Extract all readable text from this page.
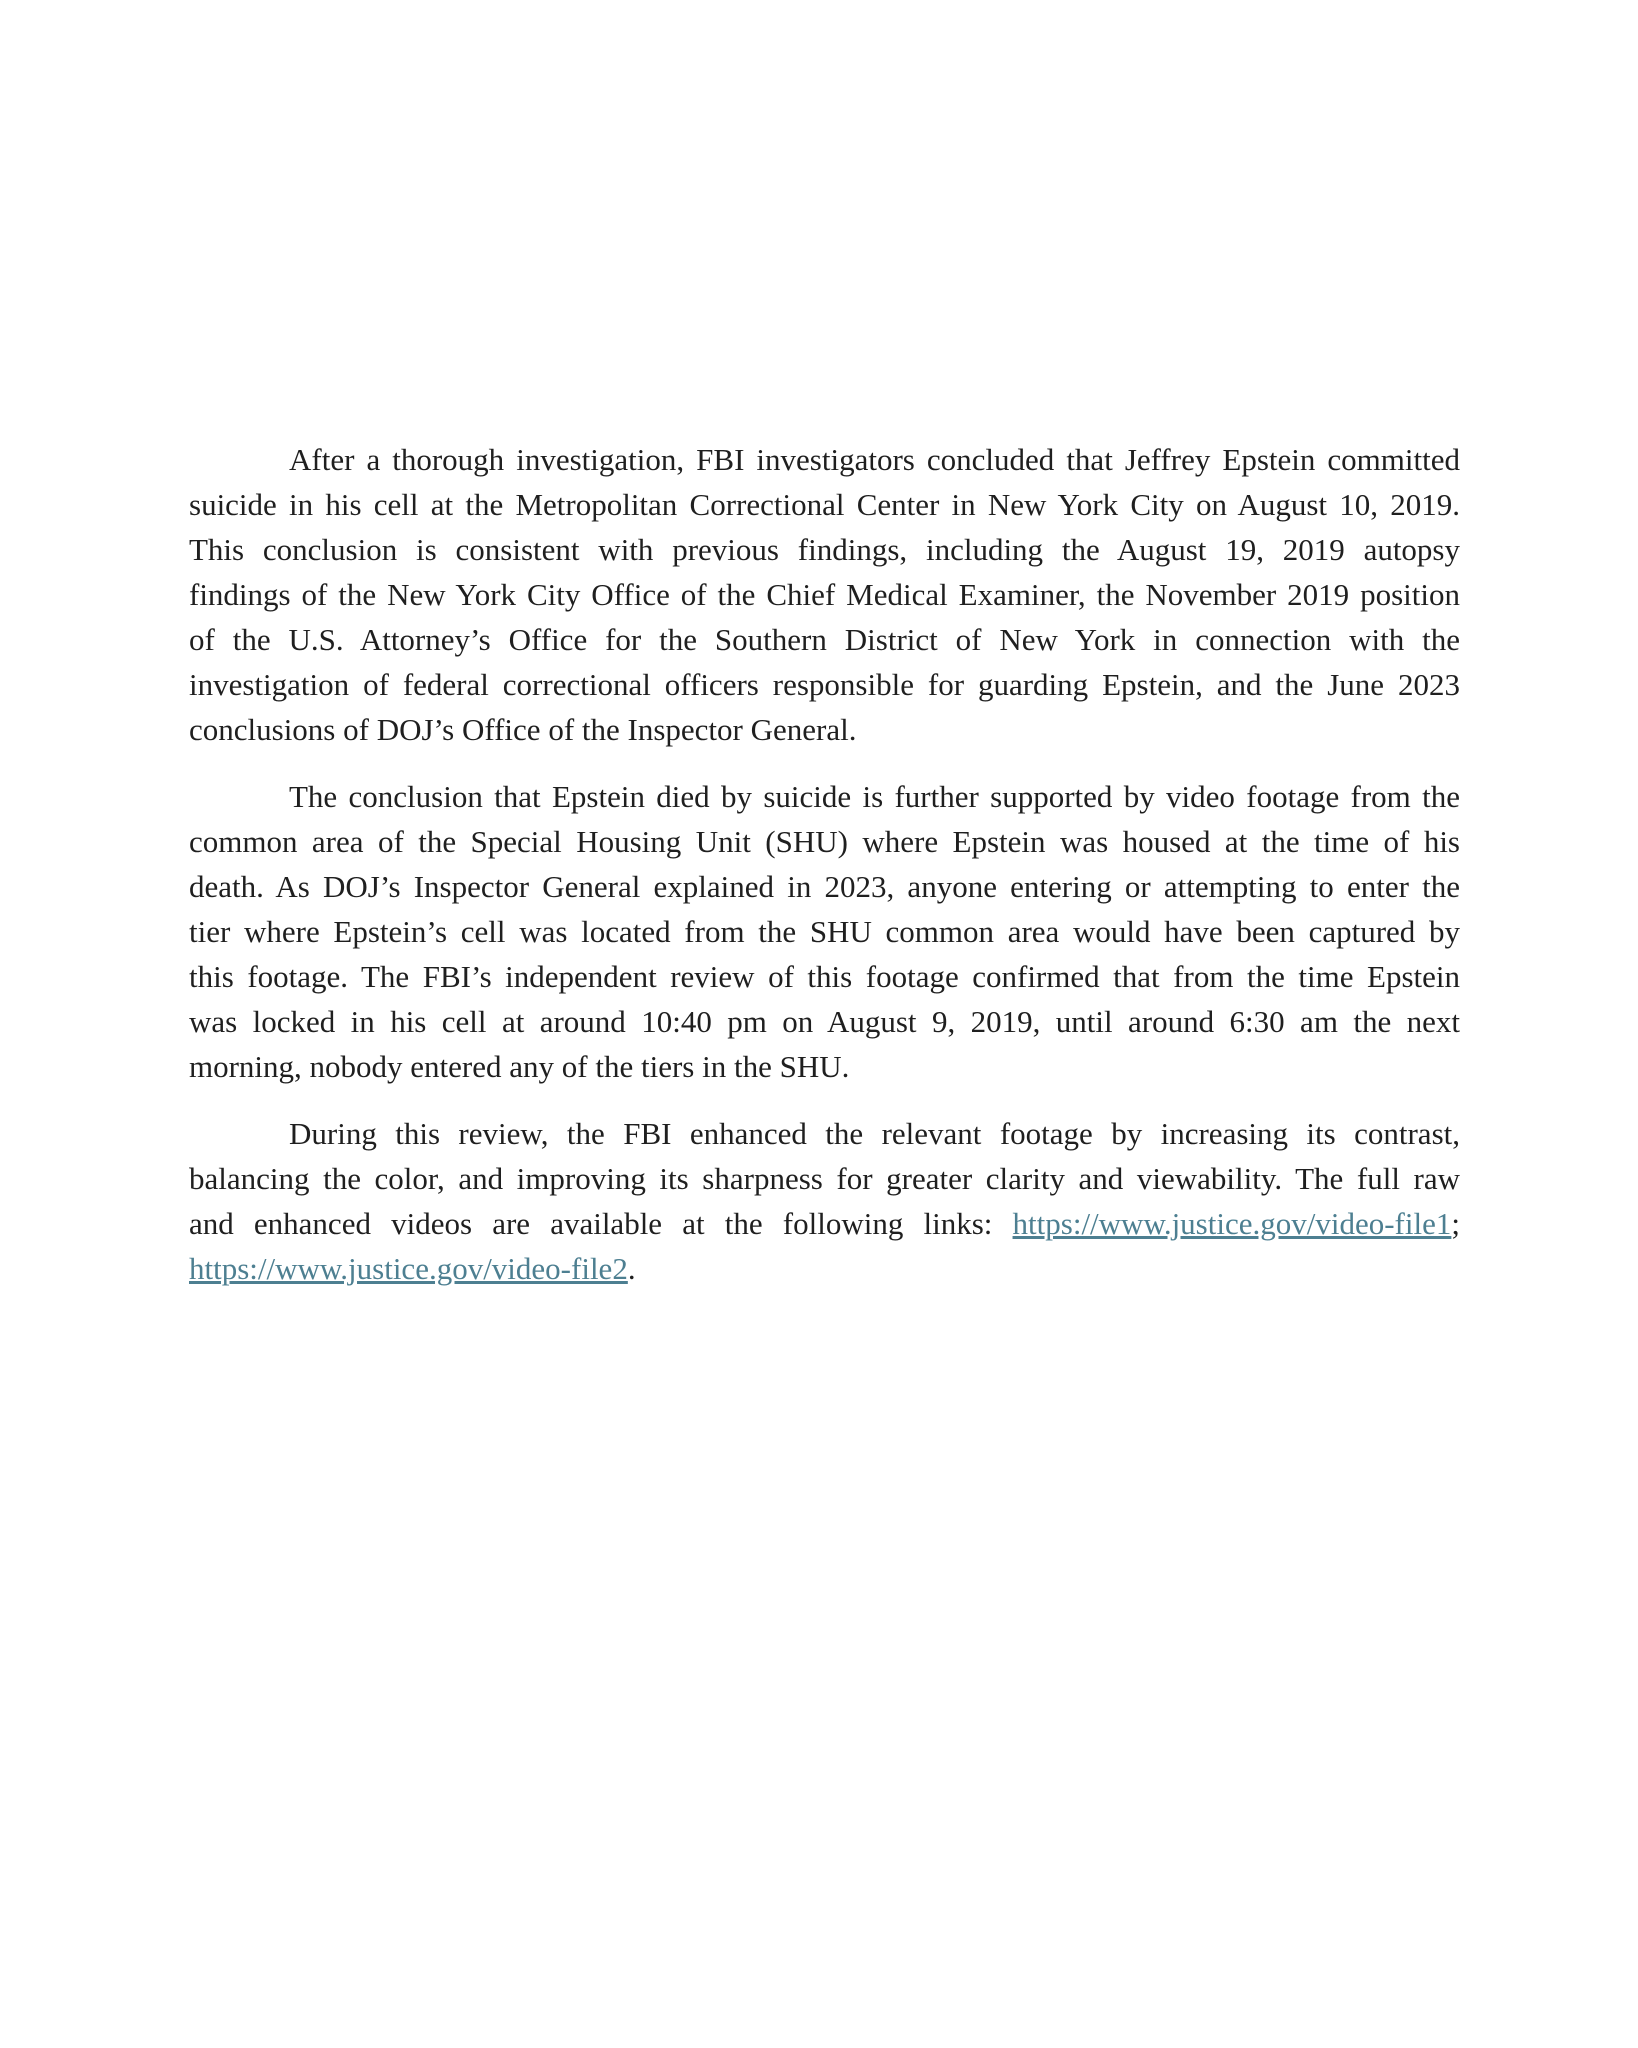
After a thorough investigation, FBI investigators concluded that Jeffrey Epstein committed
suicide in his cell at the Metropolitan Correctional Center in New York City on August 10, 2019.
This conclusion is consistent with previous findings, including the August 19, 2019 autopsy
findings of the New York City Office of the Chief Medical Examiner, the November 2019 position
of the U.S. Attorney’s Office for the Southern District of New York in connection with the
investigation of federal correctional officers responsible for guarding Epstein, and the June 2023
conclusions of DOJ’s Office of the Inspector General.
The conclusion that Epstein died by suicide is further supported by video footage from the
common area of the Special Housing Unit (SHU) where Epstein was housed at the time of his
death. As DOJ’s Inspector General explained in 2023, anyone entering or attempting to enter the
tier where Epstein’s cell was located from the SHU common area would have been captured by
this footage. The FBI’s independent review of this footage confirmed that from the time Epstein
was locked in his cell at around 10:40 pm on August 9, 2019, until around 6:30 am the next
morning, nobody entered any of the tiers in the SHU.
During this review, the FBI enhanced the relevant footage by increasing its contrast,
balancing the color, and improving its sharpness for greater clarity and viewability. The full raw
and enhanced videos are available at the following links: https://www.justice.gov/video-file1;
https://www.justice.gov/video-file2.
